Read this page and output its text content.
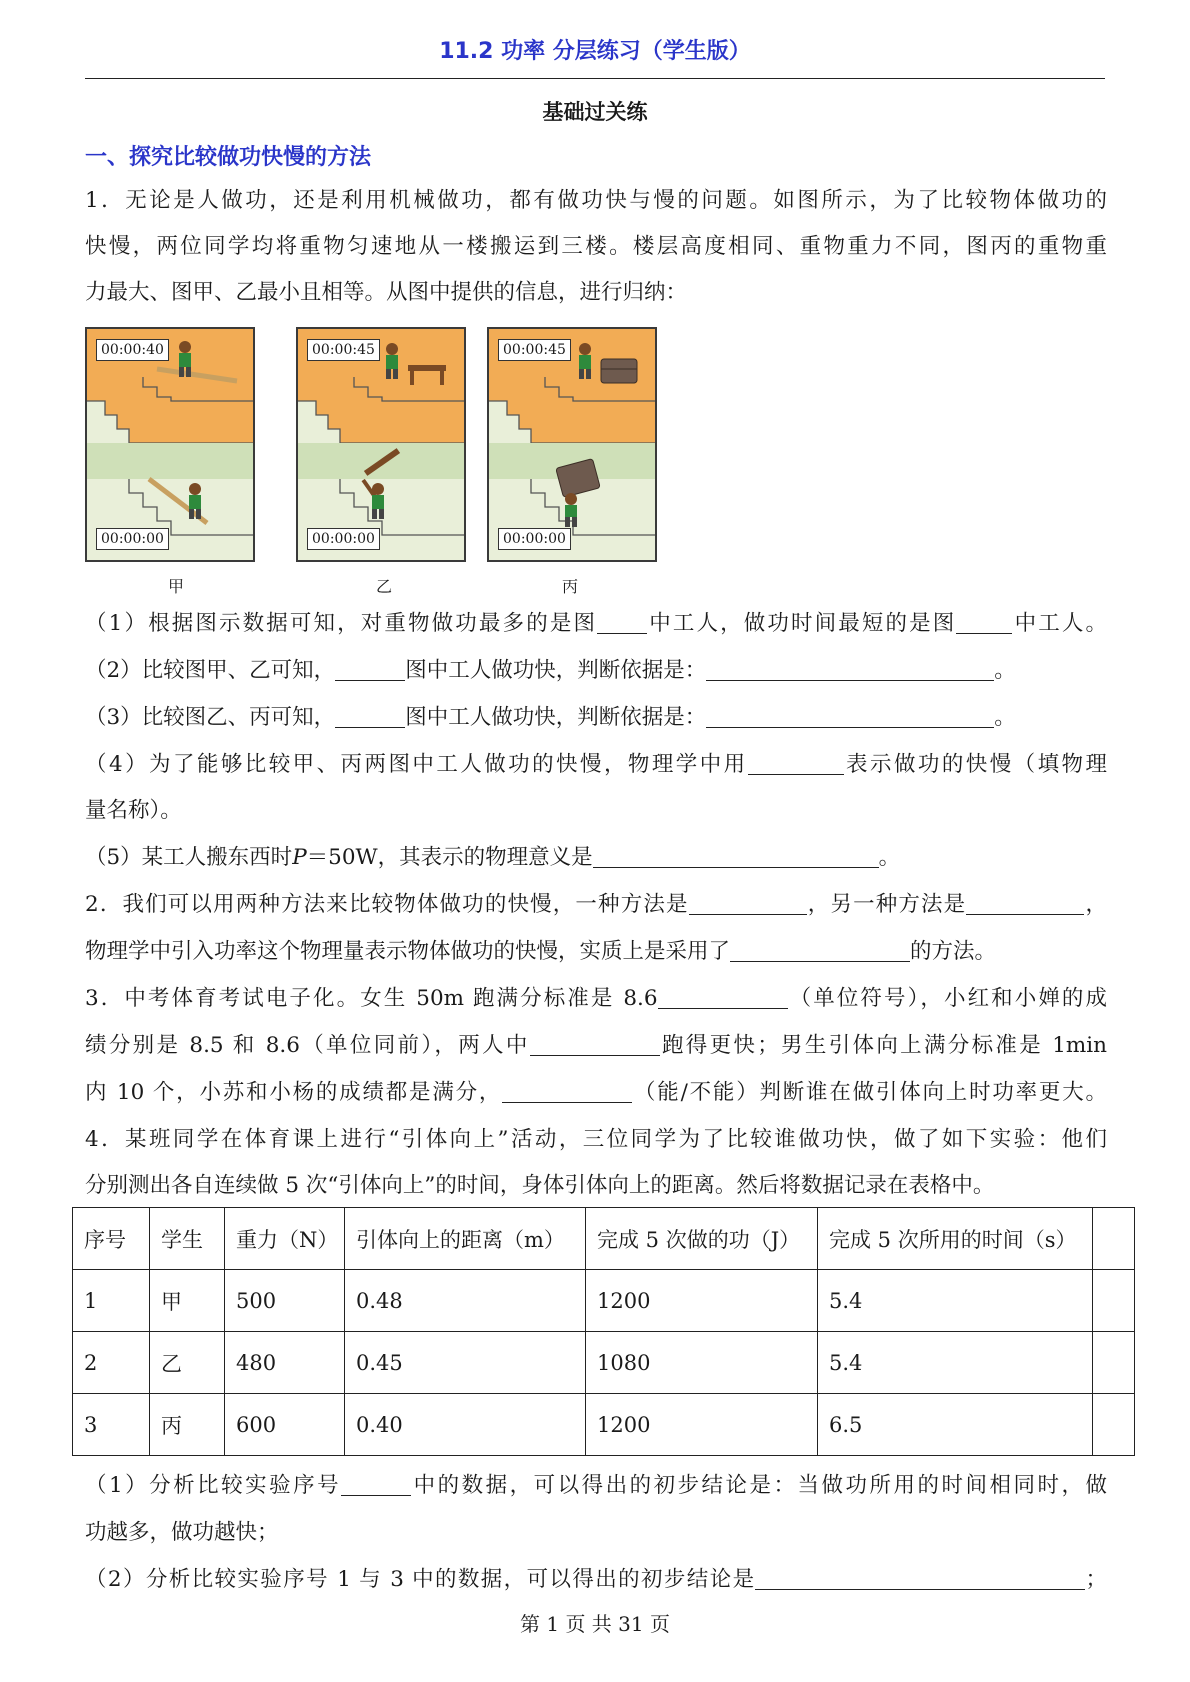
11.2 功率 分层练习（学生版）
基础过关练
一、探究比较做功快慢的方法
1．无论是人做功，还是利用机械做功，都有做功快与慢的问题。如图所示，为了比较物体做功的
快慢，两位同学均将重物匀速地从一楼搬运到三楼。楼层高度相同、重物重力不同，图丙的重物重
力最大、图甲、乙最小且相等。从图中提供的信息，进行归纳：
00:00:40
00:00:00
甲
00:00:45
00:00:00
乙
00:00:45
00:00:00
丙
（1）根据图示数据可知，对重物做功最多的是图 中工人，做功时间最短的是图	中工人。
（2）比较图甲、乙可知，	图中工人做功快，判断依据是：	。
（3）比较图乙、丙可知，	图中工人做功快，判断依据是：	。
（4）为了能够比较甲、丙两图中工人做功的快慢，物理学中用	表示做功的快慢（填物理
量名称）。
（5）某工人搬东西时P＝50W，其表示的物理意义是	。
2．我们可以用两种方法来比较物体做功的快慢，一种方法是	，另一种方法是	，
物理学中引入功率这个物理量表示物体做功的快慢，实质上是采用了	的方法。
3．中考体育考试电子化。女生 50m 跑满分标准是 8.6	（单位符号），小红和小婵的成
绩分别是 8.5 和 8.6（单位同前），两人中	跑得更快；男生引体向上满分标准是 1min
内 10 个，小苏和小杨的成绩都是满分，	（能/不能）判断谁在做引体向上时功率更大。
4．某班同学在体育课上进行“引体向上”活动，三位同学为了比较谁做功快，做了如下实验：他们
分别测出各自连续做 5 次“引体向上”的时间，身体引体向上的距离。然后将数据记录在表格中。
序号	学生	重力（N）	引体向上的距离（m）	完成 5 次做的功（J）	完成 5 次所用的时间（s）	
1	甲	500	0.48	1200	5.4	
2	乙	480	0.45	1080	5.4	
3	丙	600	0.40	1200	6.5	
（1）分析比较实验序号	中的数据，可以得出的初步结论是：当做功所用的时间相同时，做
功越多，做功越快；
（2）分析比较实验序号 1 与 3 中的数据，可以得出的初步结论是	；
第 1 页 共 31 页
